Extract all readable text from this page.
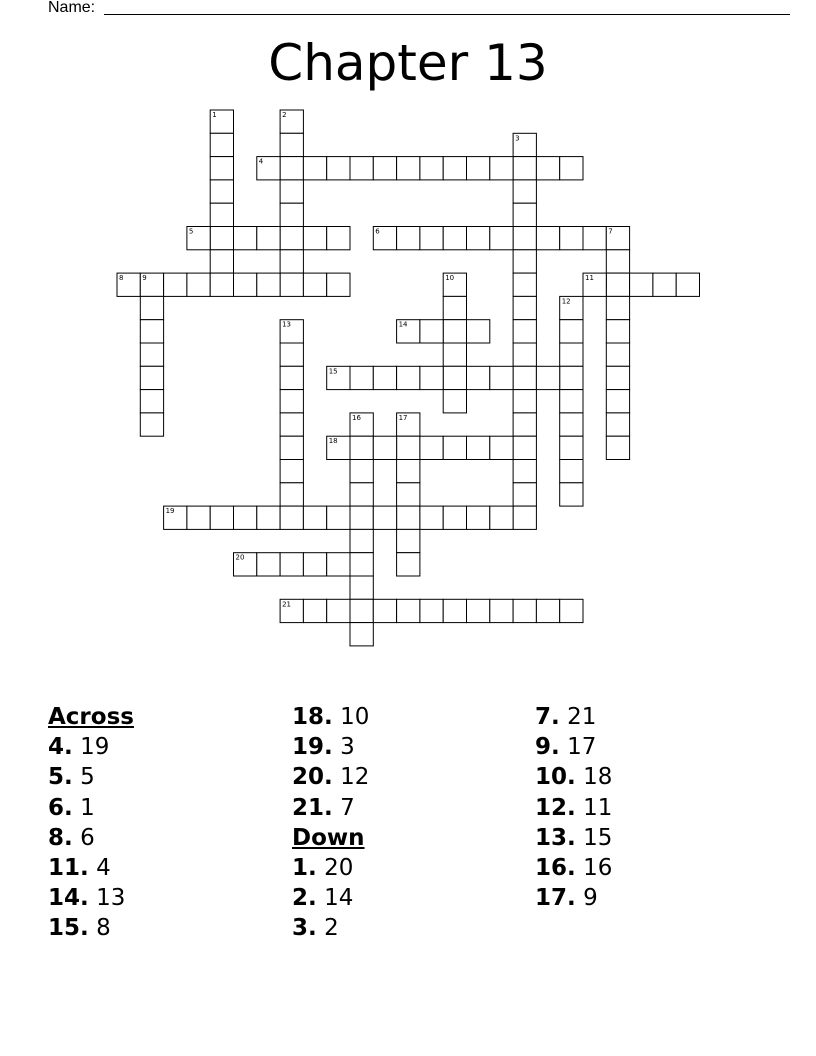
Name:
Chapter 13
1	2
3
4
5	6	7
8	9	10	11
12
13	14
15
16	17
18
19
20
21
Across
4. 19
5. 5
6. 1
8. 6
11. 4
14. 13
15. 8
18. 10
19. 3
20. 12
21. 7
Down
1. 20
2. 14
3. 2
7. 21
9. 17
10. 18
12. 11
13. 15
16. 16
17. 9
